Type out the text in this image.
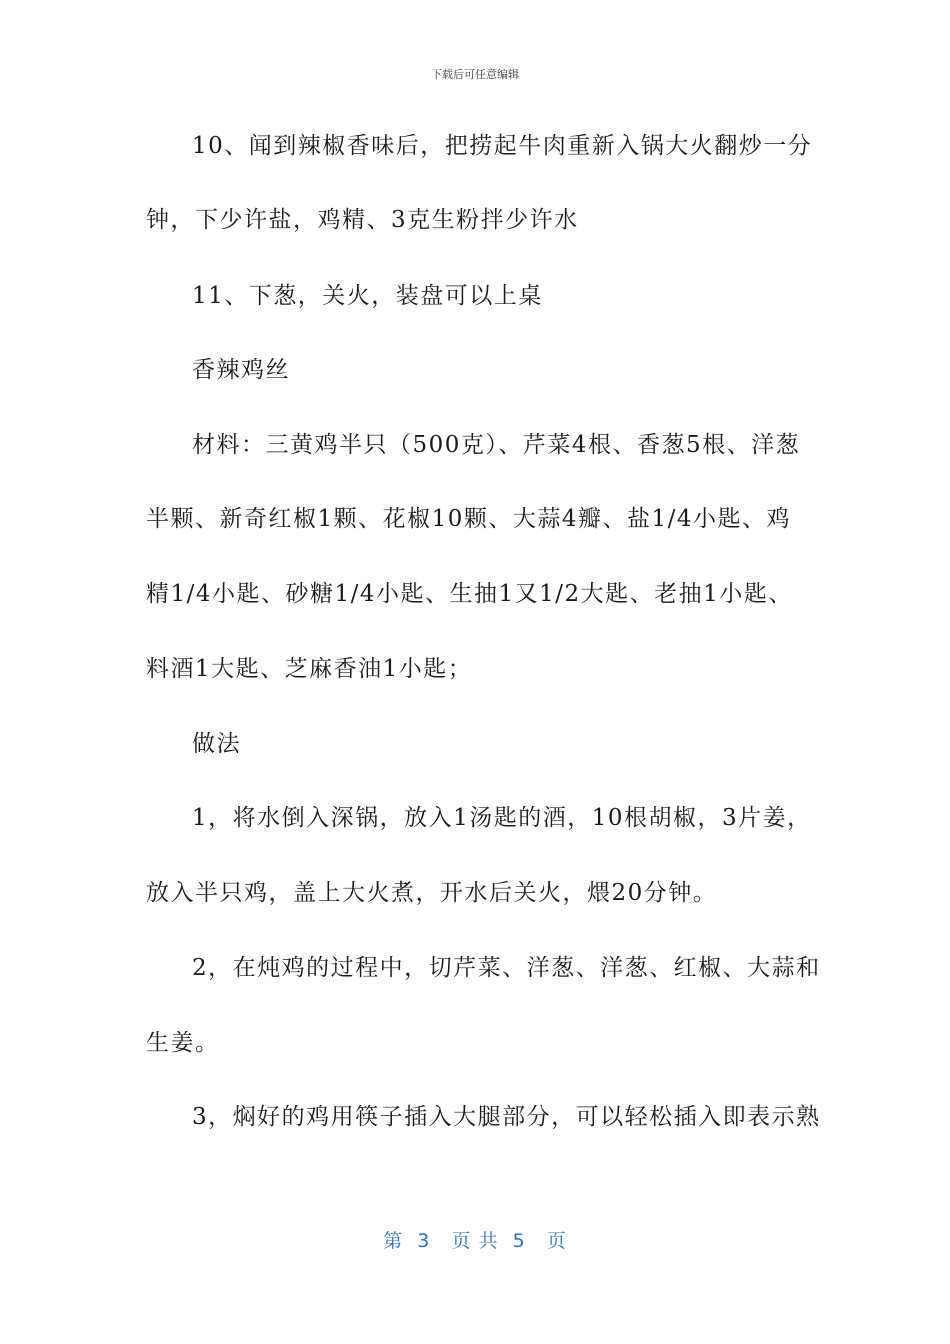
下载后可任意编辑
10、闻到辣椒香味后，把捞起牛肉重新入锅大火翻炒一分
钟，下少许盐，鸡精、3克生粉拌少许水
11、下葱，关火，装盘可以上桌
香辣鸡丝
材料：三黄鸡半只（500克）、芹菜4根、香葱5根、洋葱
半颗、新奇红椒1颗、花椒10颗、大蒜4瓣、盐1/4小匙、鸡
精1/4小匙、砂糖1/4小匙、生抽1又1/2大匙、老抽1小匙、
料酒1大匙、芝麻香油1小匙；
做法
1，将水倒入深锅，放入1汤匙的酒，10根胡椒，3片姜，
放入半只鸡，盖上大火煮，开水后关火，煨20分钟。
2，在炖鸡的过程中，切芹菜、洋葱、洋葱、红椒、大蒜和
生姜。
3，焖好的鸡用筷子插入大腿部分，可以轻松插入即表示熟
第  3   页 共  5   页
